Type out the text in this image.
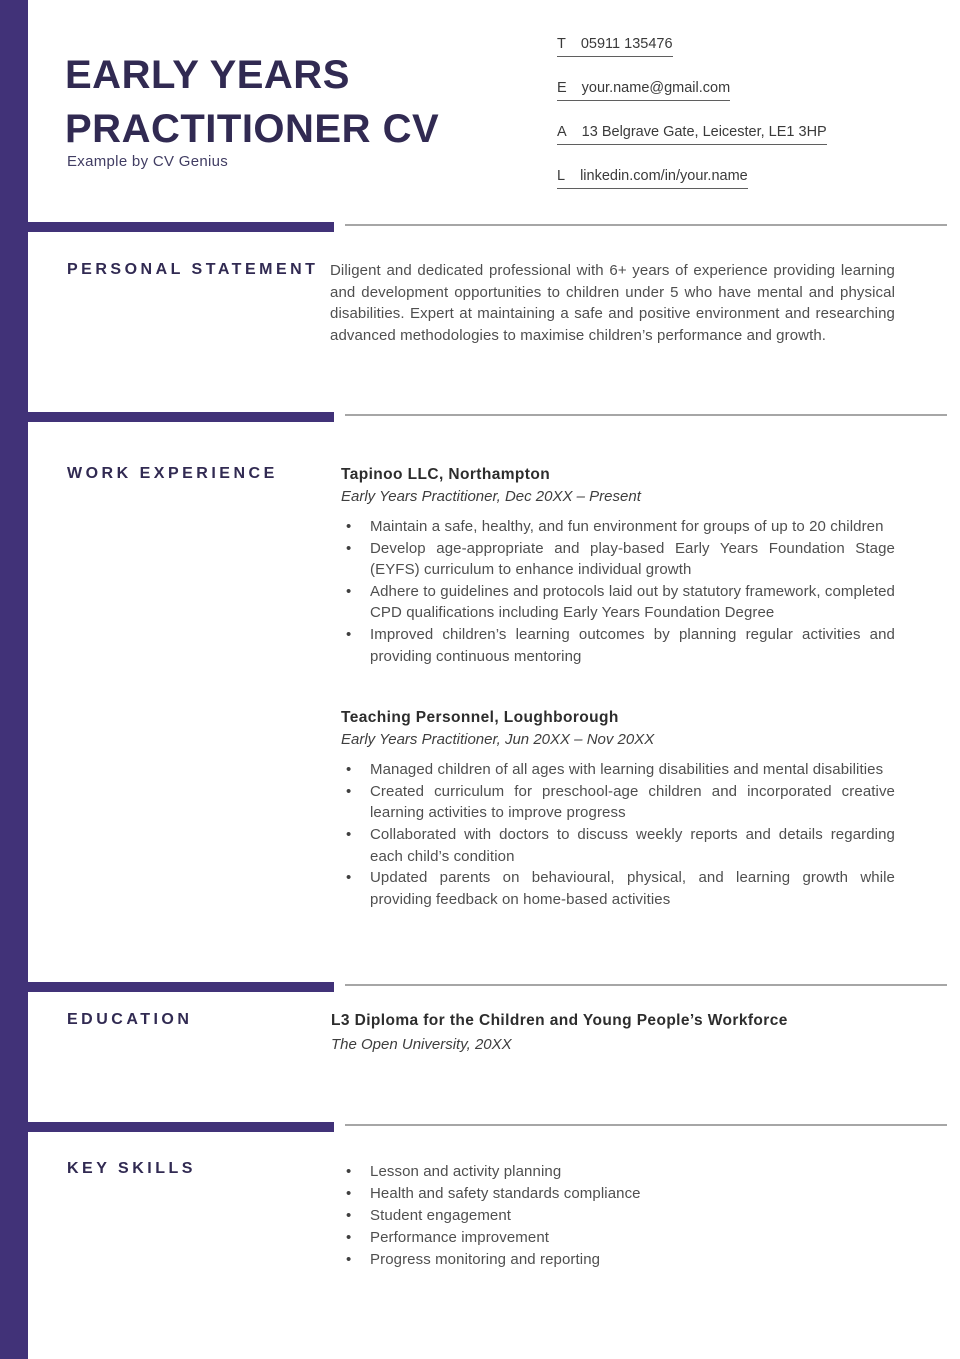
EARLY YEARS
PRACTITIONER CV
Example by CV Genius
T 05911 135476
E your.name@gmail.com
A 13 Belgrave Gate, Leicester, LE1 3HP
L linkedin.com/in/your.name
PERSONAL STATEMENT Diligent and dedicated professional with 6+ years of experience providing learning and development opportunities to children under 5 who have mental and physical disabilities. Expert at maintaining a safe and positive environment and researching advanced methodologies to maximise children’s performance and growth.

WORK EXPERIENCE	Tapinoo LLC, Northampton
Early Years Practitioner, Dec 20XX – Present
• Maintain a safe, healthy, and fun environment for groups of up to 20 children
• Develop age-appropriate and play-based Early Years Foundation Stage (EYFS) curriculum to enhance individual growth
• Adhere to guidelines and protocols laid out by statutory framework, completed CPD qualifications including Early Years Foundation Degree
• Improved children’s learning outcomes by planning regular activities and providing continuous mentoring
Teaching Personnel, Loughborough
Early Years Practitioner, Jun 20XX – Nov 20XX
• Managed children of all ages with learning disabilities and mental disabilities
• Created curriculum for preschool-age children and incorporated creative learning activities to improve progress
• Collaborated with doctors to discuss weekly reports and details regarding each child’s condition
• Updated parents on behavioural, physical, and learning growth while providing feedback on home-based activities
EDUCATION	L3 Diploma for the Children and Young People’s Workforce
The Open University, 20XX
KEY SKILLS	• Lesson and activity planning
• Health and safety standards compliance
• Student engagement
• Performance improvement
• Progress monitoring and reporting
